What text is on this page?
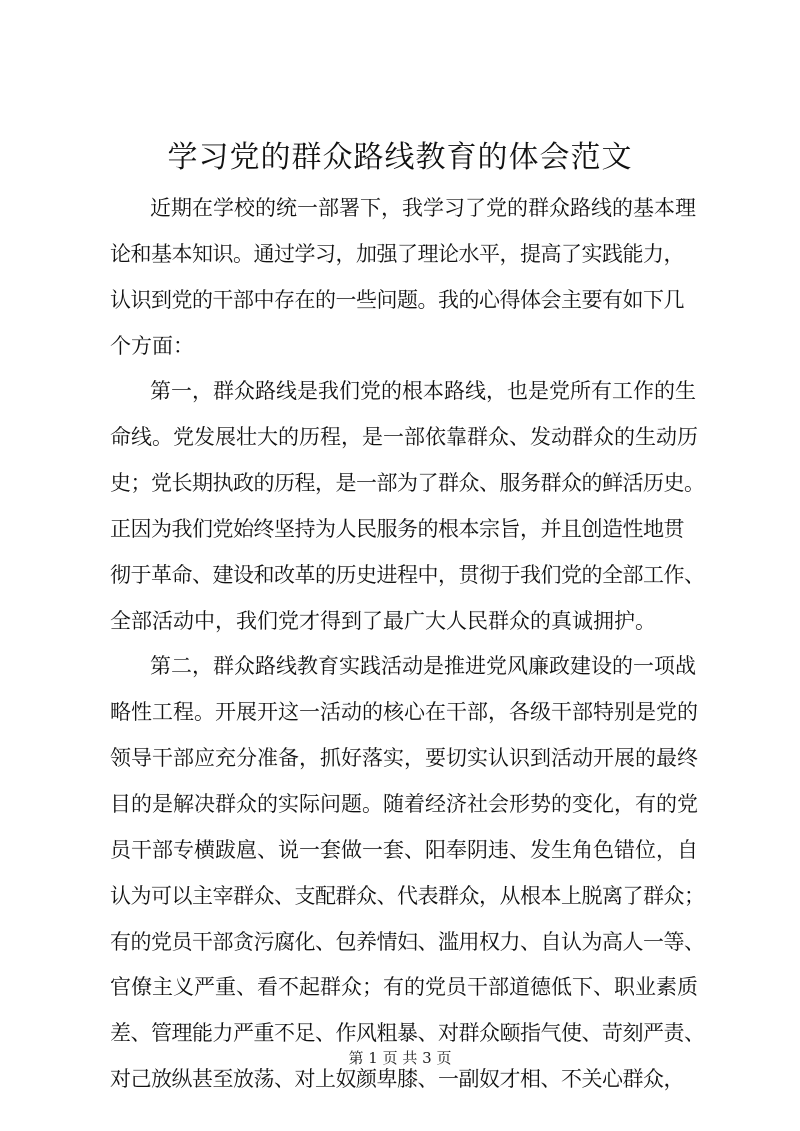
学习党的群众路线教育的体会范文
近期在学校的统一部署下，我学习了党的群众路线的基本理
论和基本知识。通过学习，加强了理论水平，提高了实践能力，
认识到党的干部中存在的一些问题。我的心得体会主要有如下几
个方面：
第一，群众路线是我们党的根本路线，也是党所有工作的生
命线。党发展壮大的历程，是一部依靠群众、发动群众的生动历
史；党长期执政的历程，是一部为了群众、服务群众的鲜活历史。
正因为我们党始终坚持为人民服务的根本宗旨，并且创造性地贯
彻于革命、建设和改革的历史进程中，贯彻于我们党的全部工作、
全部活动中，我们党才得到了最广大人民群众的真诚拥护。
第二，群众路线教育实践活动是推进党风廉政建设的一项战
略性工程。开展开这一活动的核心在干部，各级干部特别是党的
领导干部应充分准备，抓好落实，要切实认识到活动开展的最终
目的是解决群众的实际问题。随着经济社会形势的变化，有的党
员干部专横跋扈、说一套做一套、阳奉阴违、发生角色错位，自
认为可以主宰群众、支配群众、代表群众，从根本上脱离了群众；
有的党员干部贪污腐化、包养情妇、滥用权力、自认为高人一等、
官僚主义严重、看不起群众；有的党员干部道德低下、职业素质
差、管理能力严重不足、作风粗暴、对群众颐指气使、苛刻严责、
对己放纵甚至放荡、对上奴颜卑膝、一副奴才相、不关心群众，
第 1 页 共 3 页
